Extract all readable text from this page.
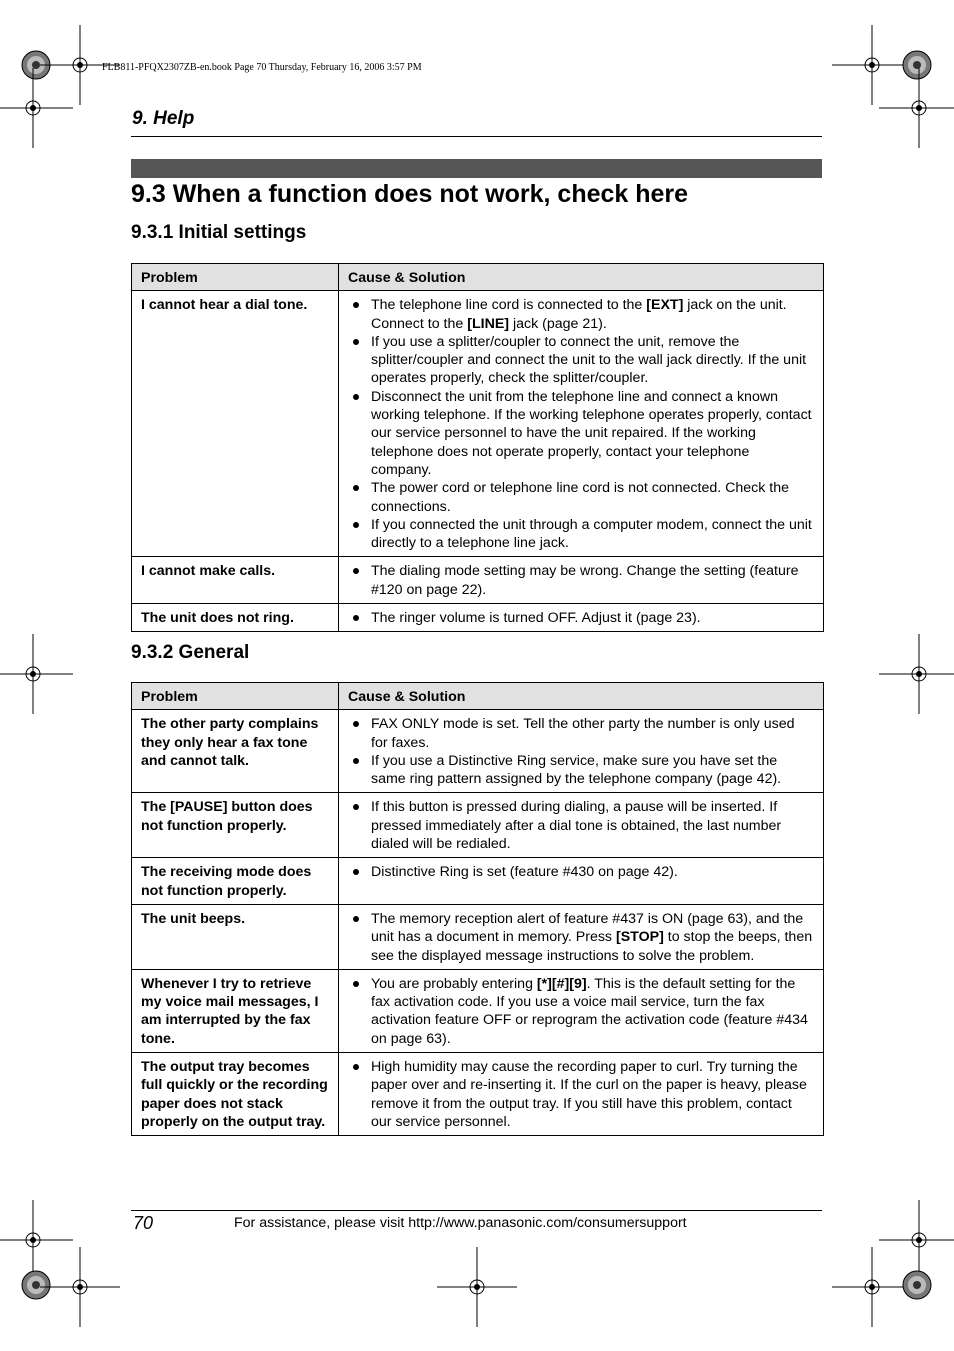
FLB811-PFQX2307ZB-en.book Page 70 Thursday, February 16, 2006 3:57 PM
9. Help
9.3 When a function does not work, check here
9.3.1 Initial settings
Problem	Cause & Solution
I cannot hear a dial tone.	The telephone line cord is connected to the [EXT] jack on the unit. Connect to the [LINE] jack (page 21).
If you use a splitter/coupler to connect the unit, remove the splitter/coupler and connect the unit to the wall jack directly. If the unit operates properly, check the splitter/coupler.
Disconnect the unit from the telephone line and connect a known working telephone. If the working telephone operates properly, contact our service personnel to have the unit repaired. If the working telephone does not operate properly, contact your telephone company.
The power cord or telephone line cord is not connected. Check the connections.
If you connected the unit through a computer modem, connect the unit directly to a telephone line jack.

I cannot make calls.	The dialing mode setting may be wrong. Change the setting (feature #120 on page 22).

The unit does not ring.	The ringer volume is turned OFF. Adjust it (page 23).
9.3.2 General
Problem	Cause & Solution
The other party complains they only hear a fax tone and cannot talk.	FAX ONLY mode is set. Tell the other party the number is only used for faxes.
If you use a Distinctive Ring service, make sure you have set the same ring pattern assigned by the telephone company (page 42).

The [PAUSE] button does not function properly.	If this button is pressed during dialing, a pause will be inserted. If pressed immediately after a dial tone is obtained, the last number dialed will be redialed.

The receiving mode does not function properly.	Distinctive Ring is set (feature #430 on page 42).

The unit beeps.	The memory reception alert of feature #437 is ON (page 63), and the unit has a document in memory. Press [STOP] to stop the beeps, then see the displayed message instructions to solve the problem.

Whenever I try to retrieve my voice mail messages, I am interrupted by the fax tone.	You are probably entering [*][#][9]. This is the default setting for the fax activation code. If you use a voice mail service, turn the fax activation feature OFF or reprogram the activation code (feature #434 on page 63).

The output tray becomes full quickly or the recording paper does not stack properly on the output tray.	High humidity may cause the recording paper to curl. Try turning the paper over and re-inserting it. If the curl on the paper is heavy, please remove it from the output tray. If you still have this problem, contact our service personnel.
70	For assistance, please visit http://www.panasonic.com/consumersupport
